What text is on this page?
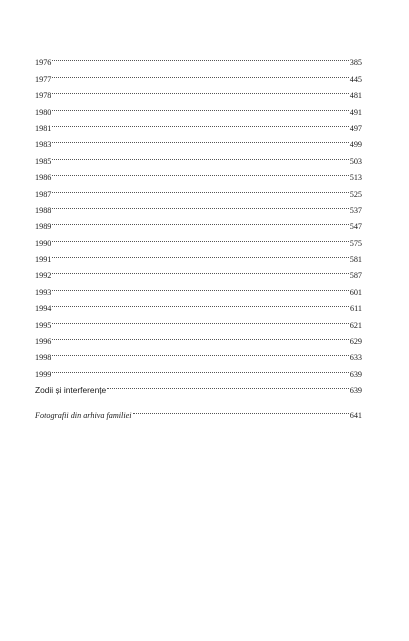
1976	385
1977	445
1978	481
1980	491
1981	497
1983	499
1985	503
1986	513
1987	525
1988	537
1989	547
1990	575
1991	581
1992	587
1993	601
1994	611
1995	621
1996	629
1998	633
1999	639
Zodii și interferențe	639
Fotografii din arhiva familiei	641
